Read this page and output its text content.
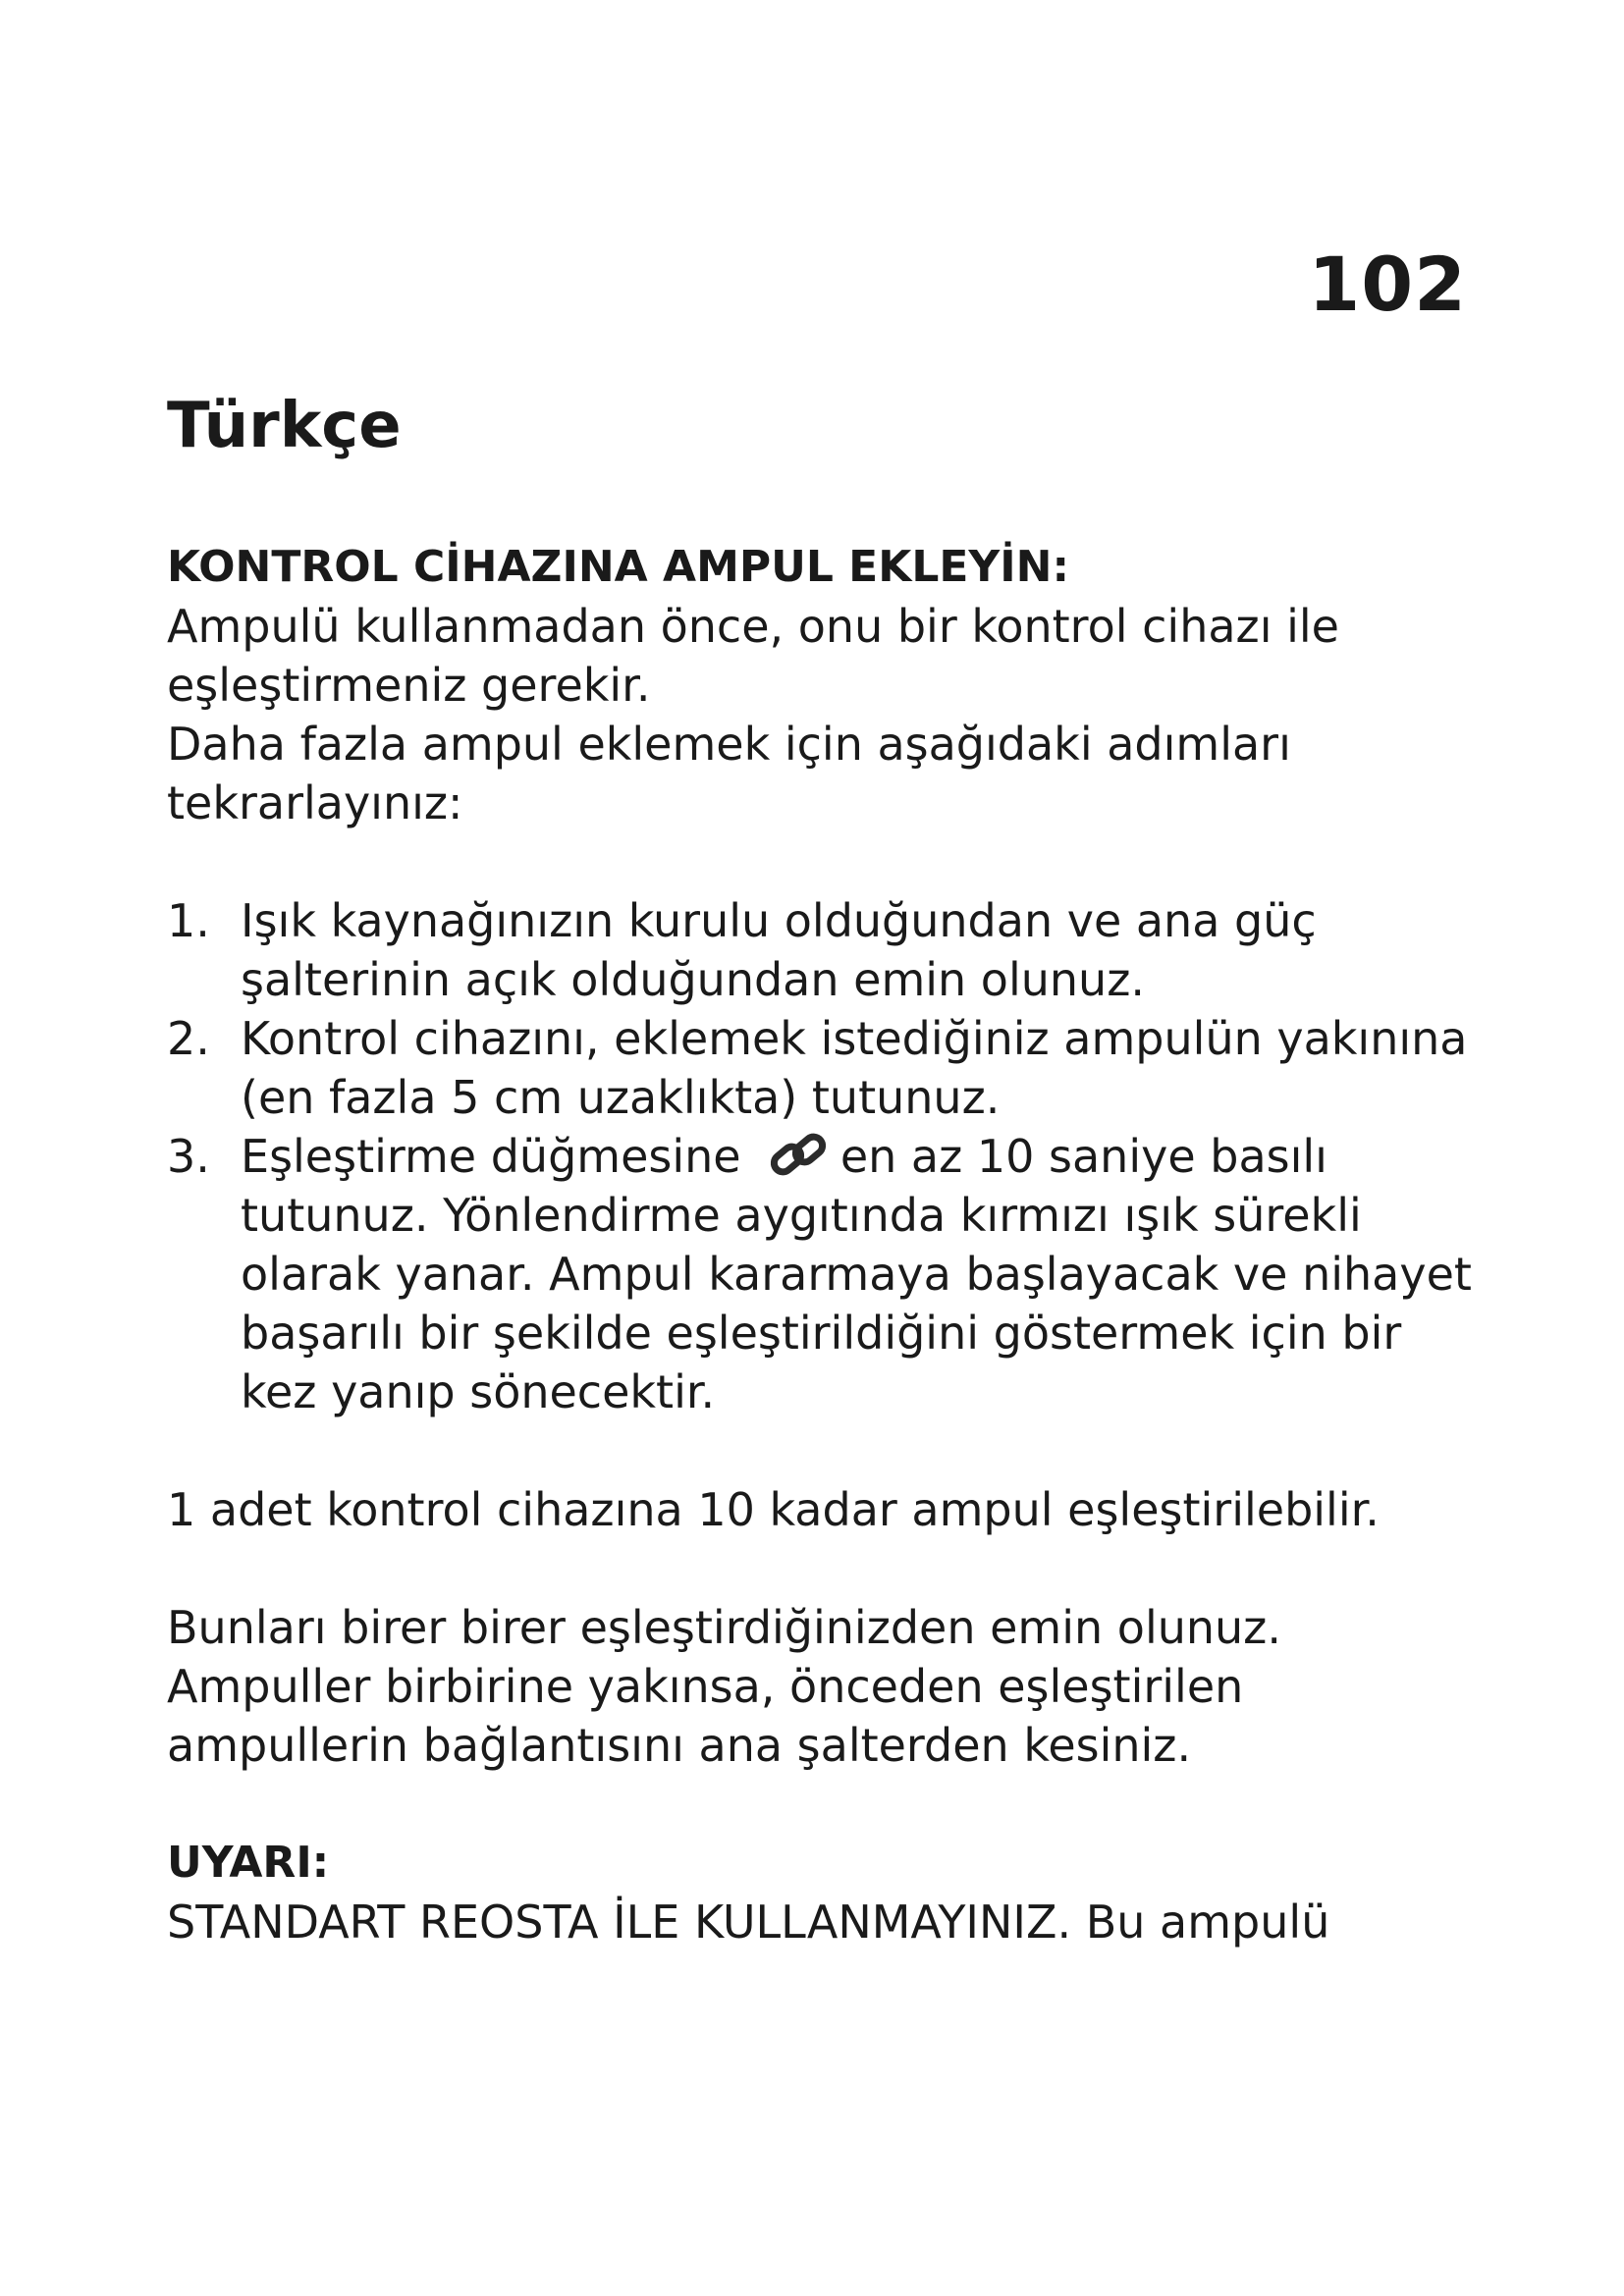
102
Türkçe

KONTROL CİHAZINA AMPUL EKLEYİN:

Ampulü kullanmadan önce, onu bir kontrol cihazı ile eşleştirmeniz gerekir.

Daha fazla ampul eklemek için aşağıdaki adımları tekrarlayınız:

1. Işık kaynağınızın kurulu olduğundan ve ana güç şalterinin açık olduğundan emin olunuz.
2. Kontrol cihazını, eklemek istediğiniz ampulün yakınına (en fazla 5 cm uzaklıkta) tutunuz.
3. Eşleştirme düğmesine en az 10 saniye basılı tutunuz. Yönlendirme aygıtında kırmızı ışık sürekli olarak yanar. Ampul kararmaya başlayacak ve nihayet başarılı bir şekilde eşleştirildiğini göstermek için bir kez yanıp sönecektir.

1 adet kontrol cihazına 10 kadar ampul eşleştirilebilir.

Bunları birer birer eşleştirdiğinizden emin olunuz. Ampuller birbirine yakınsa, önceden eşleştirilen ampullerin bağlantısını ana şalterden kesiniz.

UYARI:

STANDART REOSTA İLE KULLANMAYINIZ. Bu ampulü
